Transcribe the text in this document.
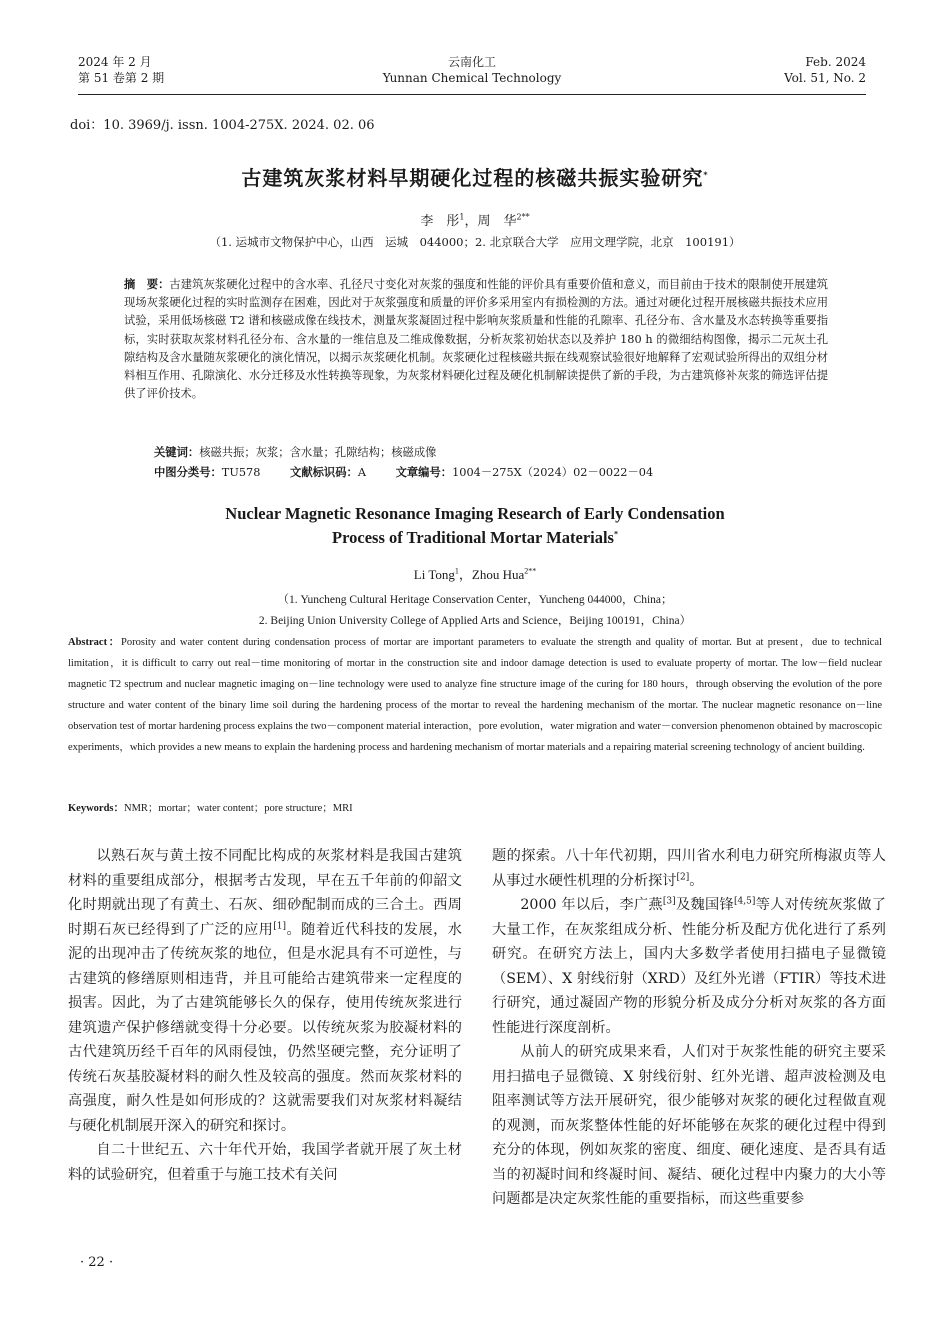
2024 年 2 月
第 51 卷第 2 期
云南化工
Yunnan Chemical Technology
Feb. 2024
Vol. 51, No. 2
doi：10. 3969/j. issn. 1004-275X. 2024. 02. 06
古建筑灰浆材料早期硬化过程的核磁共振实验研究*
李　彤$^1$，周　华$^{2**}$
（1. 运城市文物保护中心，山西　运城　044000；2. 北京联合大学　应用文理学院，北京　100191）

摘　要：古建筑灰浆硬化过程中的含水率、孔径尺寸变化对灰浆的强度和性能的评价具有重要价值和意义，而目前由于技术的限制使开展建筑现场灰浆硬化过程的实时监测存在困难，因此对于灰浆强度和质量的评价多采用室内有损检测的方法。通过对硬化过程开展核磁共振技术应用试验，采用低场核磁 T2 谱和核磁成像在线技术，测量灰浆凝固过程中影响灰浆质量和性能的孔隙率、孔径分布、含水量及水态转换等重要指标，实时获取灰浆材料孔径分布、含水量的一维信息及二维成像数据，分析灰浆初始状态以及养护 180 h 的微细结构图像，揭示二元灰土孔隙结构及含水量随灰浆硬化的演化情况，以揭示灰浆硬化机制。灰浆硬化过程核磁共振在线观察试验很好地解释了宏观试验所得出的双组分材料相互作用、孔隙演化、水分迁移及水性转换等现象，为灰浆材料硬化过程及硬化机制解读提供了新的手段，为古建筑修补灰浆的筛选评估提供了评价技术。

关键词：核磁共振；灰浆；含水量；孔隙结构；核磁成像
中图分类号：TU578	文献标识码：A	文章编号：1004－275X（2024）02－0022－04
Nuclear Magnetic Resonance Imaging Research of Early Condensation
Process of Traditional Mortar Materials*
Li Tong$^1$，Zhou Hua$^{2**}$
（1. Yuncheng Cultural Heritage Conservation Center，Yuncheng 044000，China；
2. Beijing Union University College of Applied Arts and Science，Beijing 100191，China）
Abstract：Porosity and water content during condensation process of mortar are important parameters to evaluate the strength and quality of mortar. But at present，due to technical limitation，it is difficult to carry out real－time monitoring of mortar in the construction site and indoor damage detection is used to evaluate property of mortar. The low－field nuclear magnetic T2 spectrum and nuclear magnetic imaging on－line technology were used to analyze fine structure image of the curing for 180 hours，through observing the evolution of the pore structure and water content of the binary lime soil during the hardening process of the mortar to reveal the hardening mechanism of the mortar. The nuclear magnetic resonance on－line observation test of mortar hardening process explains the two－component material interaction，pore evolution，water migration and water－conversion phenomenon obtained by macroscopic experiments，which provides a new means to explain the hardening process and hardening mechanism of mortar materials and a repairing material screening technology of ancient building.
Keywords：NMR；mortar；water content；pore structure；MRI

以熟石灰与黄土按不同配比构成的灰浆材料是我国古建筑材料的重要组成部分，根据考古发现，早在五千年前的仰韶文化时期就出现了有黄土、石灰、细砂配制而成的三合土。西周时期石灰已经得到了广泛的应用[1]。随着近代科技的发展，水泥的出现冲击了传统灰浆的地位，但是水泥具有不可逆性，与古建筑的修缮原则相违背，并且可能给古建筑带来一定程度的损害。因此，为了古建筑能够长久的保存，使用传统灰浆进行建筑遗产保护修缮就变得十分必要。以传统灰浆为胶凝材料的古代建筑历经千百年的风雨侵蚀，仍然坚硬完整，充分证明了传统石灰基胶凝材料的耐久性及较高的强度。然而灰浆材料的高强度，耐久性是如何形成的？这就需要我们对灰浆材料凝结与硬化机制展开深入的研究和探讨。

自二十世纪五、六十年代开始，我国学者就开展了灰土材料的试验研究，但着重于与施工技术有关问

题的探索。八十年代初期，四川省水利电力研究所梅淑贞等人从事过水硬性机理的分析探讨[2]。

2000 年以后，李广燕[3]及魏国锋[4,5]等人对传统灰浆做了大量工作，在灰浆组成分析、性能分析及配方优化进行了系列研究。在研究方法上，国内大多数学者使用扫描电子显微镜（SEM）、X 射线衍射（XRD）及红外光谱（FTIR）等技术进行研究，通过凝固产物的形貌分析及成分分析对灰浆的各方面性能进行深度剖析。

从前人的研究成果来看，人们对于灰浆性能的研究主要采用扫描电子显微镜、X 射线衍射、红外光谱、超声波检测及电阻率测试等方法开展研究，很少能够对灰浆的硬化过程做直观的观测，而灰浆整体性能的好坏能够在灰浆的硬化过程中得到充分的体现，例如灰浆的密度、细度、硬化速度、是否具有适当的初凝时间和终凝时间、凝结、硬化过程中内聚力的大小等问题都是决定灰浆性能的重要指标，而这些重要参

· 22 ·
